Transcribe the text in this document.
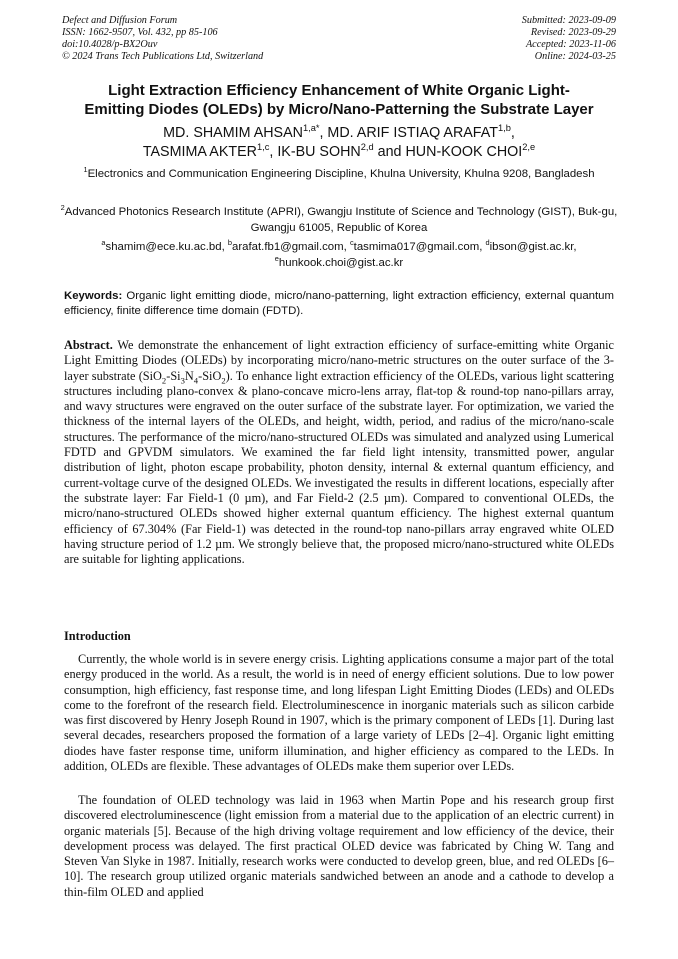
Defect and Diffusion Forum
ISSN: 1662-9507, Vol. 432, pp 85-106
doi:10.4028/p-BX2Ouv
© 2024 Trans Tech Publications Ltd, Switzerland
Submitted: 2023-09-09
Revised: 2023-09-29
Accepted: 2023-11-06
Online: 2024-03-25
Light Extraction Efficiency Enhancement of White Organic Light-
Emitting Diodes (OLEDs) by Micro/Nano-Patterning the Substrate Layer
MD. SHAMIM $AHSAN^{1,a*}$, MD. ARIF ISTIAQ ARAFAT$^{1,b}$,
TASMIMA AKTER$^{1,c}$, IK-BU SOHN$^{2,d}$ and HUN-KOOK CHOI$^{2,e}$
$^1$Electronics and Communication Engineering Discipline, Khulna University, Khulna 9208, Bangladesh
$^2$Advanced Photonics Research Institute (APRI), Gwangju Institute of Science and Technology (GIST), Buk-gu, Gwangju 61005, Republic of Korea
$^a$shamim@ece.ku.ac.bd, $^b$arafat.fb1@gmail.com, $^c$tasmima017@gmail.com, $^d$ibson@gist.ac.kr,
$^e$hunkook.choi@gist.ac.kr
Keywords: Organic light emitting diode, micro/nano-patterning, light extraction efficiency, external quantum efficiency, finite difference time domain (FDTD).
Abstract. We demonstrate the enhancement of light extraction efficiency of surface-emitting white Organic Light Emitting Diodes (OLEDs) by incorporating micro/nano-metric structures on the outer surface of the 3-layer substrate $(SiO_2-Si_3N_4-SiO_2)$. To enhance light extraction efficiency of the OLEDs, various light scattering structures including plano-convex & plano-concave micro-lens array, flat-top & round-top nano-pillars array, and wavy structures were engraved on the outer surface of the substrate layer. For optimization, we varied the thickness of the internal layers of the OLEDs, and height, width, period, and radius of the micro/nano-scale structures. The performance of the micro/nano-structured OLEDs was simulated and analyzed using Lumerical FDTD and GPVDM simulators. We examined the far field light intensity, transmitted power, angular distribution of light, photon escape probability, photon density, internal & external quantum efficiency, and current-voltage curve of the designed OLEDs. We investigated the results in different locations, especially after the substrate layer: Far Field-1 (0 µm), and Far Field-2 (2.5 µm). Compared to conventional OLEDs, the micro/nano-structured OLEDs showed higher external quantum efficiency. The highest external quantum efficiency of 67.304% (Far Field-1) was detected in the round-top nano-pillars array engraved white OLED having structure period of 1.2 µm. We strongly believe that, the proposed micro/nano-structured white OLEDs are suitable for lighting applications.
Introduction

Currently, the whole world is in severe energy crisis. Lighting applications consume a major part of the total energy produced in the world. As a result, the world is in need of energy efficient solutions. Due to low power consumption, high efficiency, fast response time, and long lifespan Light Emitting Diodes (LEDs) and OLEDs come to the forefront of the research field. Electroluminescence in inorganic materials such as silicon carbide was first discovered by Henry Joseph Round in 1907, which is the primary component of LEDs [1]. During last several decades, researchers proposed the formation of a large variety of LEDs [2–4]. Organic light emitting diodes have faster response time, uniform illumination, and higher efficiency as compared to the LEDs. In addition, OLEDs are flexible. These advantages of OLEDs make them superior over LEDs.

The foundation of OLED technology was laid in 1963 when Martin Pope and his research group first discovered electroluminescence (light emission from a material due to the application of an electric current) in organic materials [5]. Because of the high driving voltage requirement and low efficiency of the device, their development process was delayed. The first practical OLED device was fabricated by Ching W. Tang and Steven Van Slyke in 1987. Initially, research works were conducted to develop green, blue, and red OLEDs [6–10]. The research group utilized organic materials sandwiched between an anode and a cathode to develop a thin-film OLED and applied
